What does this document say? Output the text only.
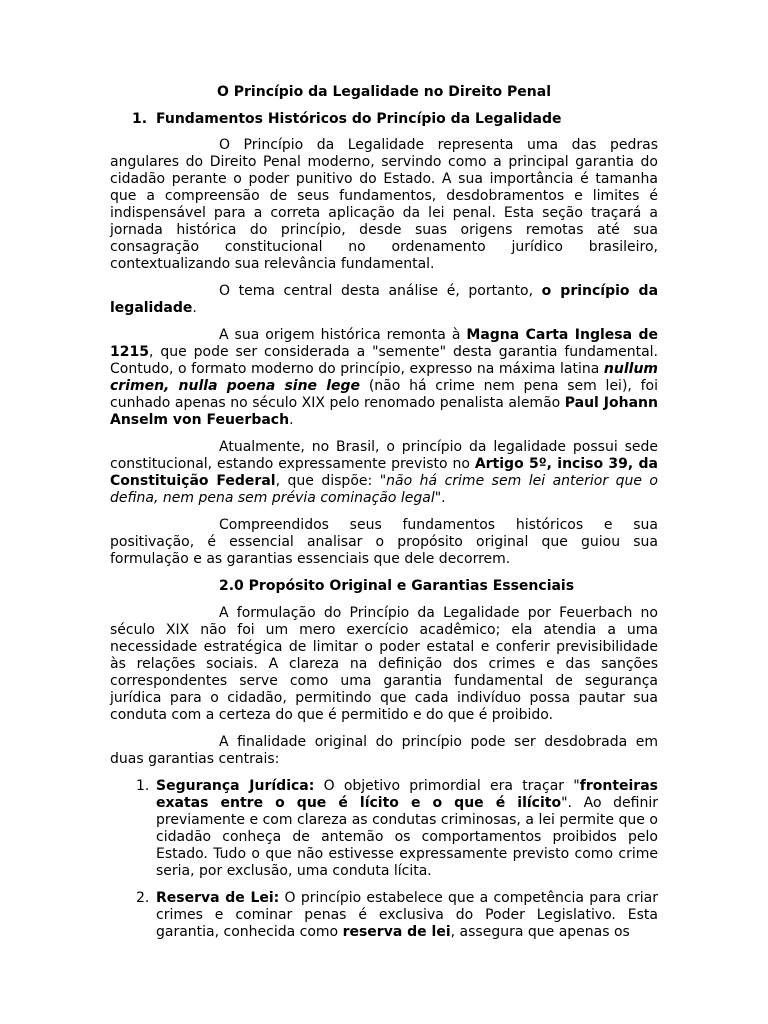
O Princípio da Legalidade no Direito Penal

1. Fundamentos Históricos do Princípio da Legalidade

O Princípio da Legalidade representa uma das pedras angulares do Direito Penal moderno, servindo como a principal garantia do cidadão perante o poder punitivo do Estado. A sua importância é tamanha que a compreensão de seus fundamentos, desdobramentos e limites é indispensável para a correta aplicação da lei penal. Esta seção traçará a jornada histórica do princípio, desde suas origens remotas até sua consagração constitucional no ordenamento jurídico brasileiro, contextualizando sua relevância fundamental.

O tema central desta análise é, portanto, o princípio da legalidade.

A sua origem histórica remonta à Magna Carta Inglesa de 1215, que pode ser considerada a "semente" desta garantia fundamental. Contudo, o formato moderno do princípio, expresso na máxima latina nullum crimen, nulla poena sine lege (não há crime nem pena sem lei), foi cunhado apenas no século XIX pelo renomado penalista alemão Paul Johann Anselm von Feuerbach.

Atualmente, no Brasil, o princípio da legalidade possui sede constitucional, estando expressamente previsto no Artigo 5º, inciso 39, da Constituição Federal, que dispõe: "não há crime sem lei anterior que o defina, nem pena sem prévia cominação legal".

Compreendidos seus fundamentos históricos e sua positivação, é essencial analisar o propósito original que guiou sua formulação e as garantias essenciais que dele decorrem.

2.0 Propósito Original e Garantias Essenciais

A formulação do Princípio da Legalidade por Feuerbach no século XIX não foi um mero exercício acadêmico; ela atendia a uma necessidade estratégica de limitar o poder estatal e conferir previsibilidade às relações sociais. A clareza na definição dos crimes e das sanções correspondentes serve como uma garantia fundamental de segurança jurídica para o cidadão, permitindo que cada indivíduo possa pautar sua conduta com a certeza do que é permitido e do que é proibido.

A finalidade original do princípio pode ser desdobrada em duas garantias centrais:

1. Segurança Jurídica: O objetivo primordial era traçar "fronteiras exatas entre o que é lícito e o que é ilícito". Ao definir previamente e com clareza as condutas criminosas, a lei permite que o cidadão conheça de antemão os comportamentos proibidos pelo Estado. Tudo o que não estivesse expressamente previsto como crime seria, por exclusão, uma conduta lícita.
2. Reserva de Lei: O princípio estabelece que a competência para criar crimes e cominar penas é exclusiva do Poder Legislativo. Esta garantia, conhecida como reserva de lei, assegura que apenas os
